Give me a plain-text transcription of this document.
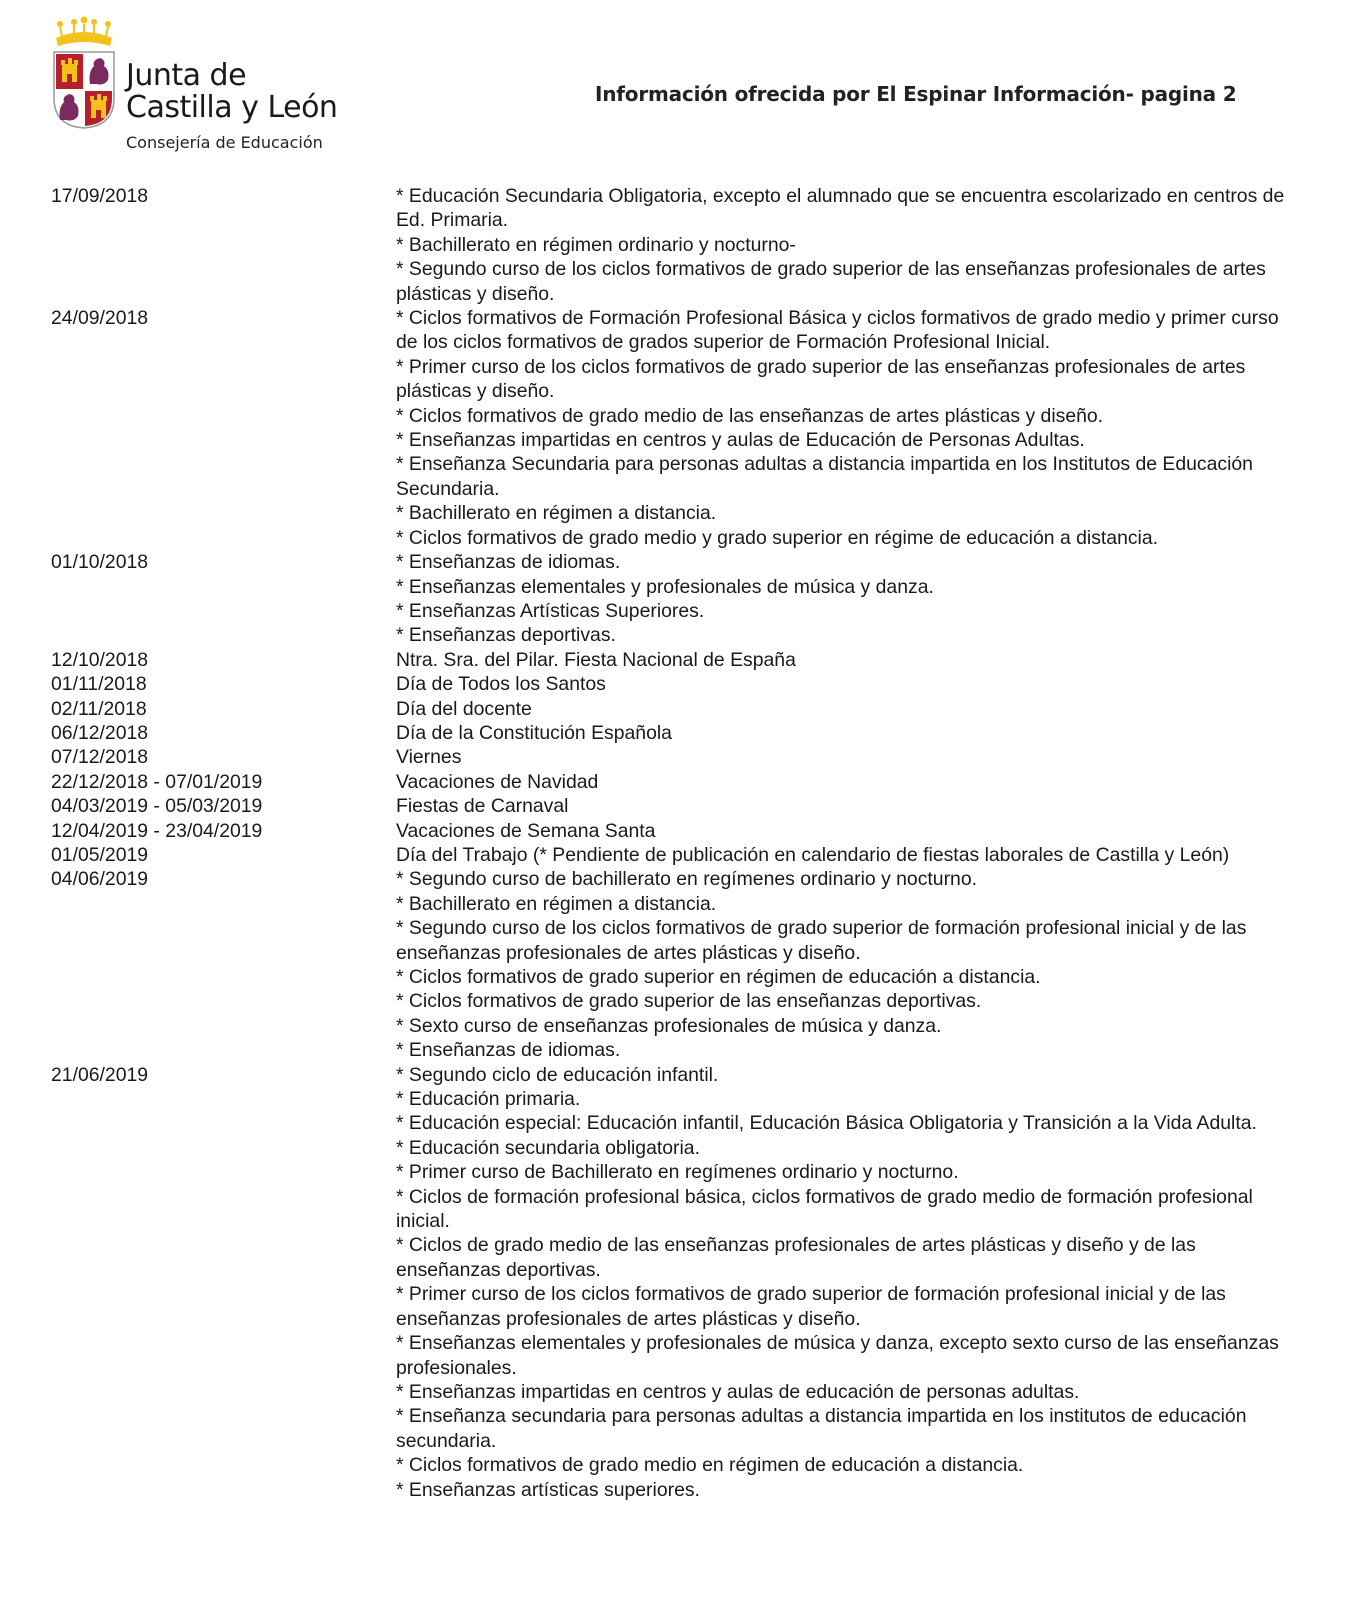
Junta de
Castilla y León
Consejería de Educación
Información ofrecida por El Espinar Información- pagina 2
17/09/2018	* Educación Secundaria Obligatoria, excepto el alumnado que se encuentra escolarizado en centros de Ed. Primaria.
* Bachillerato en régimen ordinario y nocturno-
* Segundo curso de los ciclos formativos de grado superior de las enseñanzas profesionales de artes plásticas y diseño.
24/09/2018	* Ciclos formativos de Formación Profesional Básica y ciclos formativos de grado medio y primer curso de los ciclos formativos de grados superior de Formación Profesional Inicial.
* Primer curso de los ciclos formativos de grado superior de las enseñanzas profesionales de artes plásticas y diseño.
* Ciclos formativos de grado medio de las enseñanzas de artes plásticas y diseño.
* Enseñanzas impartidas en centros y aulas de Educación de Personas Adultas.
* Enseñanza Secundaria para personas adultas a distancia impartida en los Institutos de Educación Secundaria.
* Bachillerato en régimen a distancia.
* Ciclos formativos de grado medio y grado superior en régime de educación a distancia.
01/10/2018	* Enseñanzas de idiomas.
* Enseñanzas elementales y profesionales de música y danza.
* Enseñanzas Artísticas Superiores.
* Enseñanzas deportivas.
12/10/2018	Ntra. Sra. del Pilar. Fiesta Nacional de España
01/11/2018	Día de Todos los Santos
02/11/2018	Día del docente
06/12/2018	Día de la Constitución Española
07/12/2018	Viernes
22/12/2018 - 07/01/2019	Vacaciones de Navidad
04/03/2019 - 05/03/2019	Fiestas de Carnaval
12/04/2019 - 23/04/2019	Vacaciones de Semana Santa
01/05/2019	Día del Trabajo (* Pendiente de publicación en calendario de fiestas laborales de Castilla y León)
04/06/2019	* Segundo curso de bachillerato en regímenes ordinario y nocturno.
* Bachillerato en régimen a distancia.
* Segundo curso de los ciclos formativos de grado superior de formación profesional inicial y de las enseñanzas profesionales de artes plásticas y diseño.
* Ciclos formativos de grado superior en régimen de educación a distancia.
* Ciclos formativos de grado superior de las enseñanzas deportivas.
* Sexto curso de enseñanzas profesionales de música y danza.
* Enseñanzas de idiomas.
21/06/2019	* Segundo ciclo de educación infantil.
* Educación primaria.
* Educación especial: Educación infantil, Educación Básica Obligatoria y Transición a la Vida Adulta.
* Educación secundaria obligatoria.
* Primer curso de Bachillerato en regímenes ordinario y nocturno.
* Ciclos de formación profesional básica, ciclos formativos de grado medio de formación profesional inicial.
* Ciclos de grado medio de las enseñanzas profesionales de artes plásticas y diseño y de las enseñanzas deportivas.
* Primer curso de los ciclos formativos de grado superior de formación profesional inicial y de las enseñanzas profesionales de artes plásticas y diseño.
* Enseñanzas elementales y profesionales de música y danza, excepto sexto curso de las enseñanzas profesionales.
* Enseñanzas impartidas en centros y aulas de educación de personas adultas.
* Enseñanza secundaria para personas adultas a distancia impartida en los institutos de educación secundaria.
* Ciclos formativos de grado medio en régimen de educación a distancia.
* Enseñanzas artísticas superiores.
